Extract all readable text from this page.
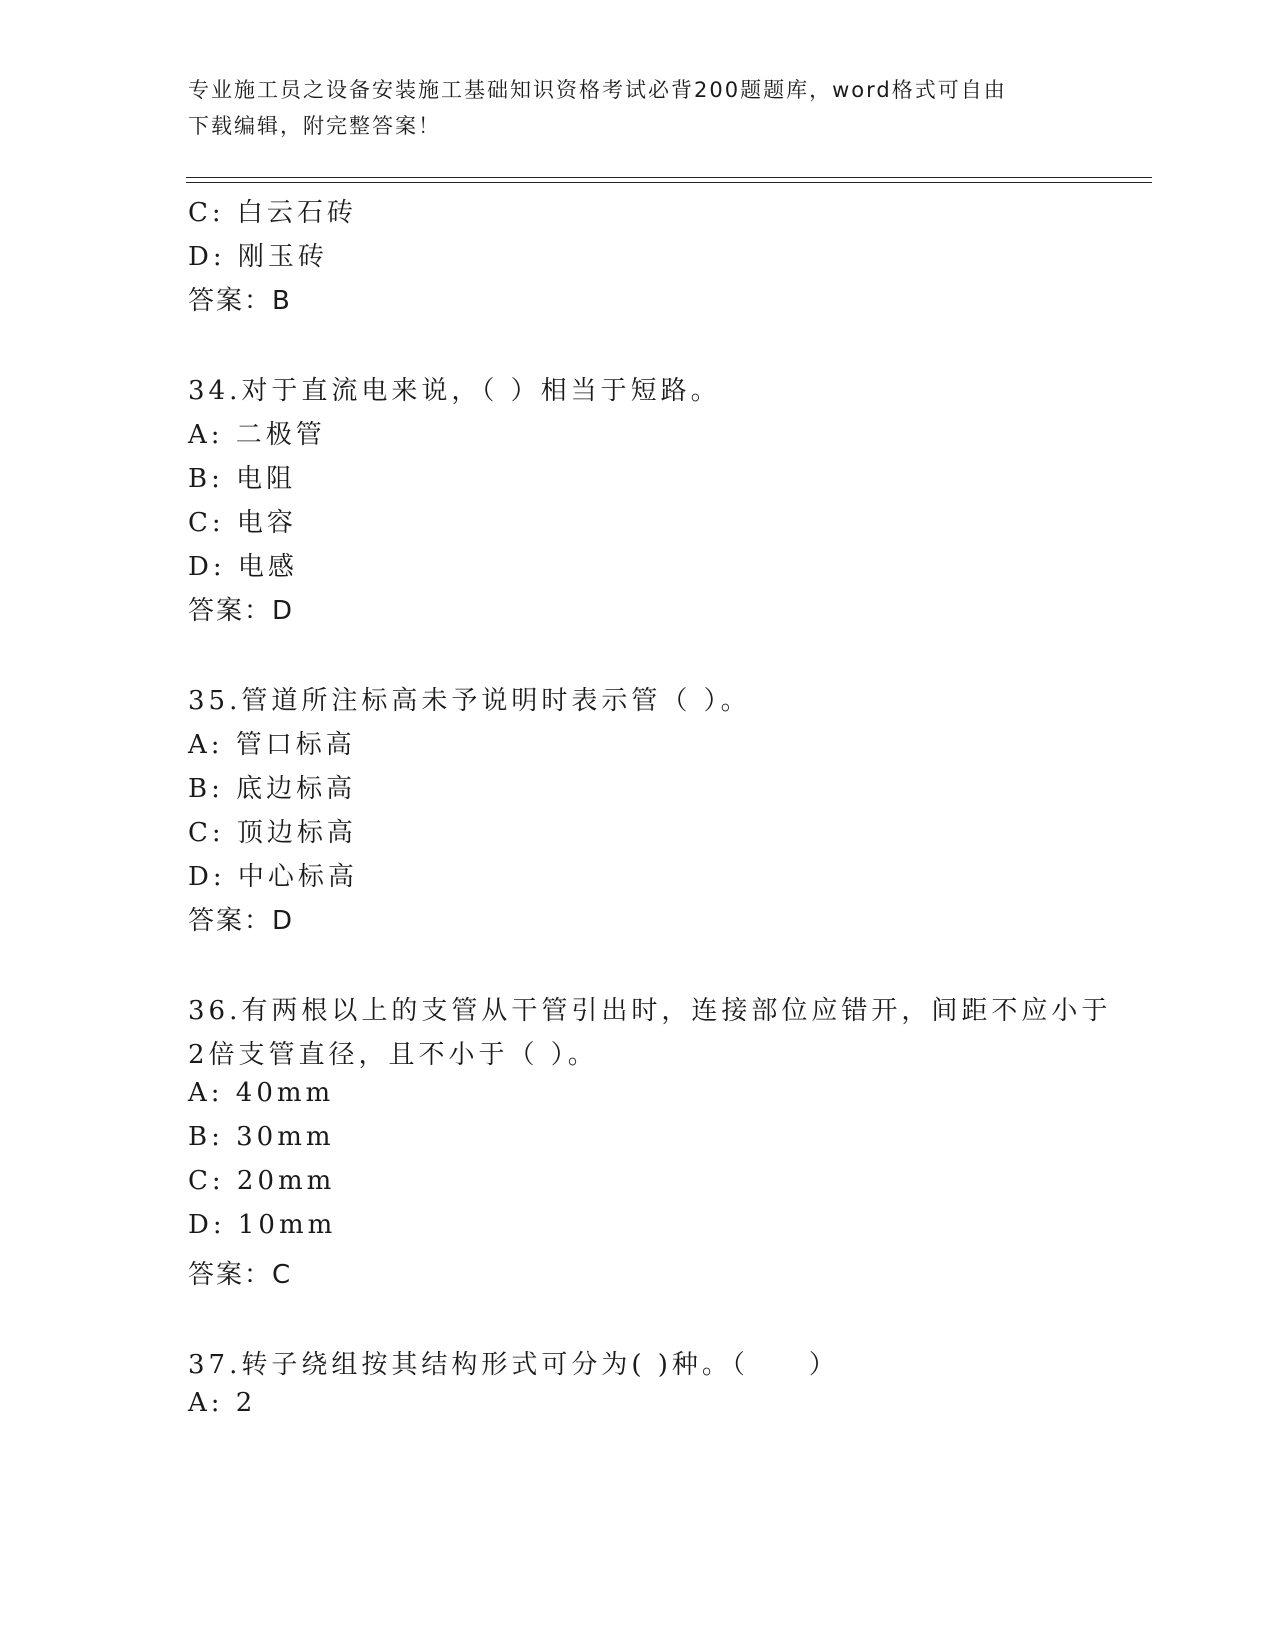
专业施工员之设备安装施工基础知识资格考试必背200题题库，word格式可自由
下载编辑，附完整答案！
C: 白云石砖
D: 刚玉砖
答案：B
34.对于直流电来说，（ ）相当于短路。
A: 二极管
B: 电阻
C: 电容
D: 电感
答案：D
35.管道所注标高未予说明时表示管（ ）。
A: 管口标高
B: 底边标高
C: 顶边标高
D: 中心标高
答案：D
36.有两根以上的支管从干管引出时，连接部位应错开，间距不应小于
2倍支管直径，且不小于（ ）。
A: 40mm
B: 30mm
C: 20mm
D: 10mm
答案：C
37.转子绕组按其结构形式可分为( )种。（　　）
A: 2
